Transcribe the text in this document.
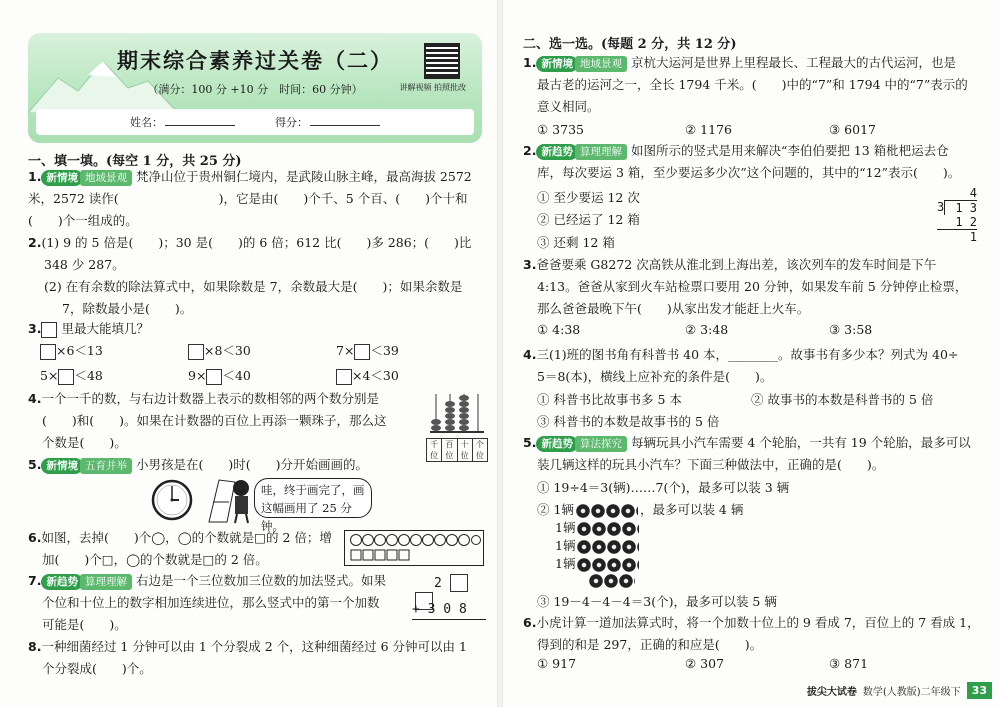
期末综合素养过关卷（二）
（满分：100 分 +10 分　时间：60 分钟）	讲解视频 拍照批改
姓名：	得分：
一、填一填。(每空 1 分，共 25 分)
1. 新情境 地域景观 梵净山位于贵州铜仁境内，是武陵山脉主峰，最高海拔 2572
米，2572 读作(　　　　　　　　)，它是由(　　)个千、5 个百、(　　)个十和
(　　)个一组成的。
2.(1) 9 的 5 倍是(　　)；30 是(　　)的 6 倍；612 比(　　)多 286；(　　)比
348 少 287。
(2) 在有余数的除法算式中，如果除数是 7，余数最大是(　　)；如果余数是
7，除数最小是(　　)。
3. 里最大能填几？
×6＜13	×8＜30	7× ＜39
5× ＜48	9× ＜40	×4＜30
4.一个一千的数，与右边计数器上表示的数相邻的两个数分别是
(　　)和(　　)。如果在计数器的百位上再添一颗珠子，那么这
个数是(　　)。	千位
百位
十位
个位
5. 新情境 五育并举 小男孩是在(　　)时(　　)分开始画画的。
哇，终于画完了，画这幅画用了 25 分钟。
6.如图，去掉(　　)个◯，◯的个数就是□的 2 倍；增
加(　　)个□，◯的个数就是□的 2 倍。
7. 新趋势 算理理解 右边是一个三位数加三位数的加法竖式。如果
个位和十位上的数字相加连续进位，那么竖式中的第一个加数
可能是(　　)。
2
+ 3 0 8
8.一种细菌经过 1 分钟可以由 1 个分裂成 2 个，这种细菌经过 6 分钟可以由 1
个分裂成(　　)个。
二、选一选。(每题 2 分，共 12 分)
1. 新情境 地域景观 京杭大运河是世界上里程最长、工程最大的古代运河，也是
最古老的运河之一，全长 1794 千米。(　　)中的“7”和 1794 中的“7”表示的
意义相同。
① 3735	② 1176	③ 6017
2. 新趋势 算理理解 如图所示的竖式是用来解决“李伯伯要把 13 箱枇杷运去仓
库，每次要运 3 箱，至少要运多少次”这个问题的，其中的“12”表示(　　)。
① 至少要运 12 次
② 已经运了 12 箱
③ 还剩 12 箱
4
3 1 3
1 2
1
3.爸爸要乘 G8272 次高铁从淮北到上海出差，该次列车的发车时间是下午
4:13。爸爸从家到火车站检票口要用 20 分钟，如果发车前 5 分钟停止检票，
那么爸爸最晚下午(　　)从家出发才能赶上火车。
① 4:38	② 3:48	③ 3:58
4.三(1)班的图书角有科普书 40 本，________。故事书有多少本？列式为 40÷
5＝8(本)，横线上应补充的条件是(　　)。
① 科普书比故事书多 5 本	② 故事书的本数是科普书的 5 倍
③ 科普书的本数是故事书的 5 倍
5. 新趋势 算法探究 每辆玩具小汽车需要 4 个轮胎，一共有 19 个轮胎，最多可以
装几辆这样的玩具小汽车？下面三种做法中，正确的是(　　)。
① 19÷4＝3(辆)……7(个)，最多可以装 3 辆
② 1辆	，最多可以装 4 辆
1辆
1辆
1辆
③ 19－4－4－4＝3(个)，最多可以装 5 辆
6.小虎计算一道加法算式时，将一个加数十位上的 9 看成 7，百位上的 7 看成 1，
得到的和是 297，正确的和应是(　　)。
① 917	② 307	③ 871
拔尖大试卷 数学(人教版)二年级下	33
